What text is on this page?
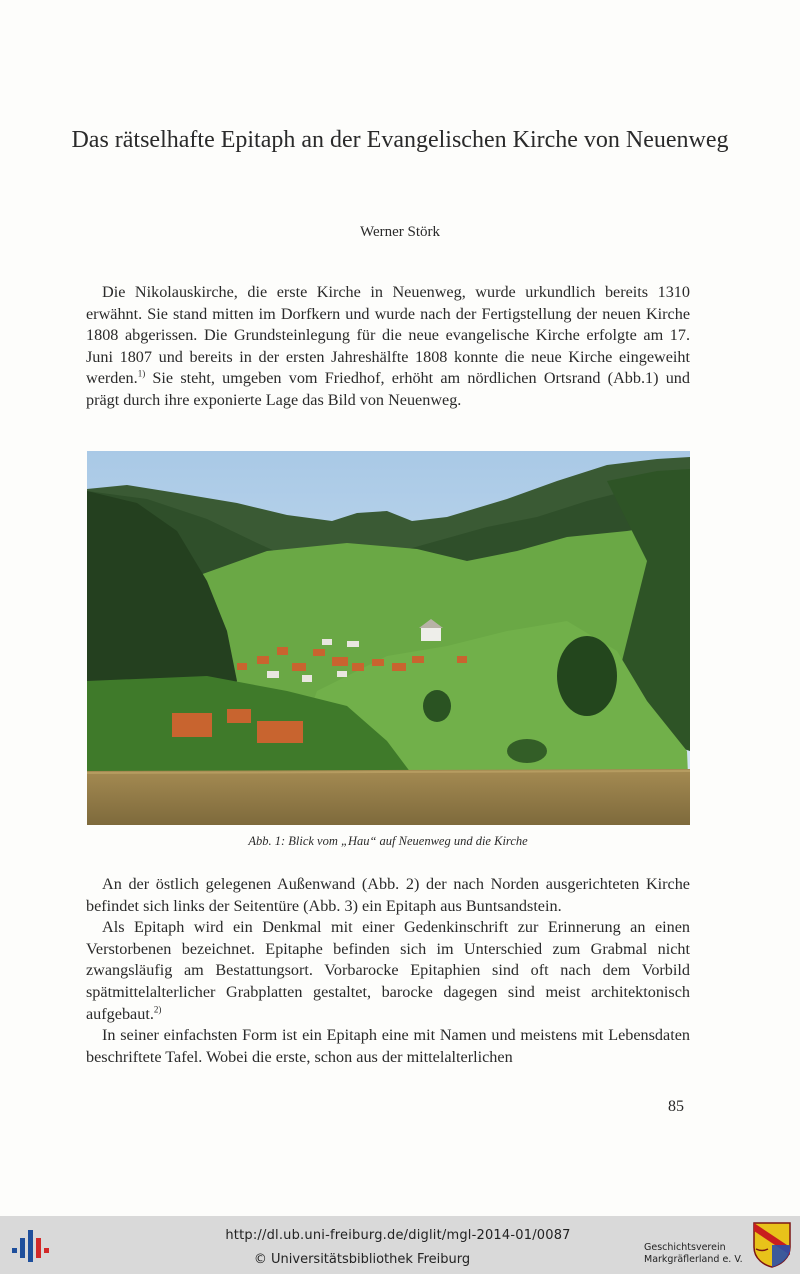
Das rätselhafte Epitaph an der Evangelischen Kirche von Neuenweg
Werner Störk

Die Nikolauskirche, die erste Kirche in Neuenweg, wurde urkundlich bereits 1310 erwähnt. Sie stand mitten im Dorfkern und wurde nach der Fertigstellung der neuen Kirche 1808 abgerissen. Die Grundsteinlegung für die neue evangelische Kirche erfolgte am 17. Juni 1807 und bereits in der ersten Jahreshälfte 1808 konnte die neue Kirche eingeweiht werden.$^{1)}$ Sie steht, umgeben vom Friedhof, erhöht am nördlichen Ortsrand (Abb.1) und prägt durch ihre exponierte Lage das Bild von Neuenweg.

Abb. 1: Blick vom „Hau“ auf Neuenweg und die Kirche

An der östlich gelegenen Außenwand (Abb. 2) der nach Norden ausgerichteten Kirche befindet sich links der Seitentüre (Abb. 3) ein Epitaph aus Buntsandstein.

Als Epitaph wird ein Denkmal mit einer Gedenkinschrift zur Erinnerung an einen Verstorbenen bezeichnet. Epitaphe befinden sich im Unterschied zum Grabmal nicht zwangsläufig am Bestattungsort. Vorbarocke Epitaphien sind oft nach dem Vorbild spätmittelalterlicher Grabplatten gestaltet, barocke dagegen sind meist architektonisch aufgebaut.$^{2)}$

In seiner einfachsten Form ist ein Epitaph eine mit Namen und meistens mit Lebensdaten beschriftete Tafel. Wobei die erste, schon aus der mittelalterlichen

85
http://dl.ub.uni-freiburg.de/diglit/mgl-2014-01/0087
© Universitätsbibliothek Freiburg
Geschichtsverein
Markgräflerland e. V.
